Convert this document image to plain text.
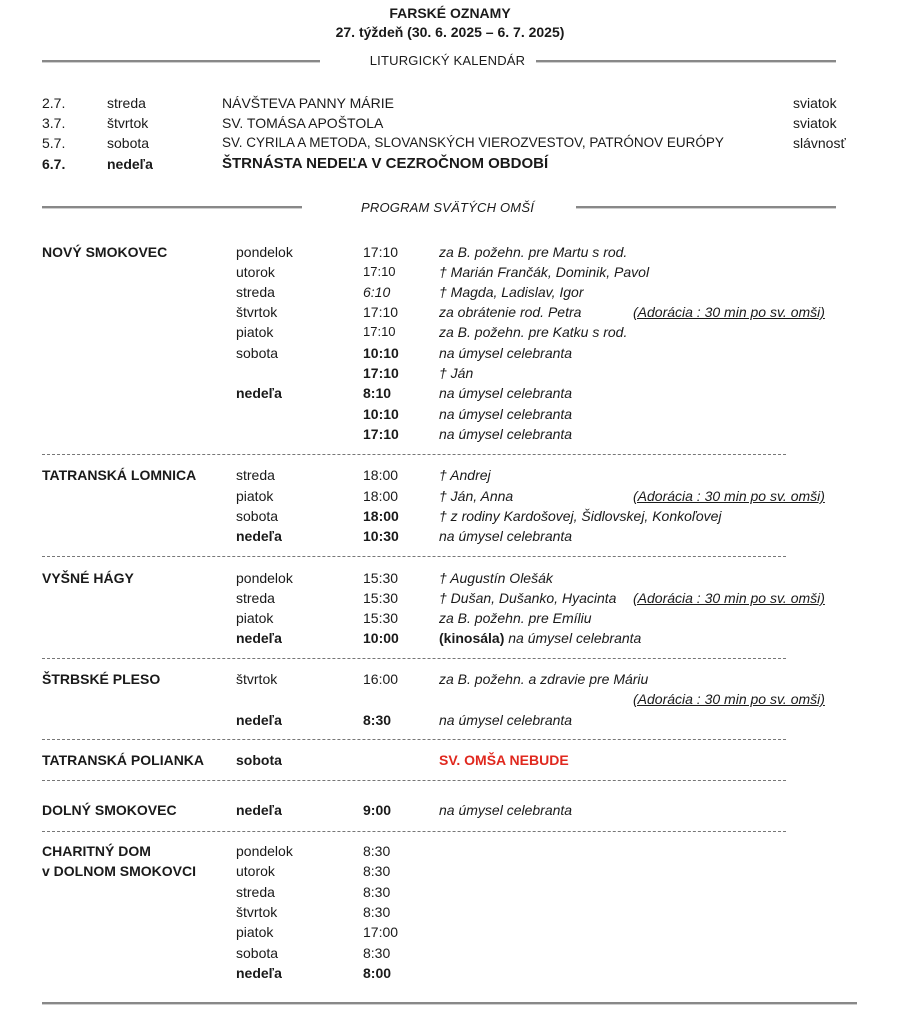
FARSKÉ OZNAMY
27. týždeň (30. 6. 2025 – 6. 7. 2025)
LITURGICKÝ KALENDÁR
2.7.	streda	NÁVŠTEVA PANNY MÁRIE	sviatok
3.7.	štvrtok	SV. TOMÁSA APOŠTOLA	sviatok
5.7.	sobota	SV. CYRILA A METODA, SLOVANSKÝCH VIEROZVESTOV, PATRÓNOV EURÓPY	slávnosť
6.7.	nedeľa	ŠTRNÁSTA NEDEĽA V CEZROČNOM OBDOBÍ
PROGRAM SVÄTÝCH OMŠÍ
NOVÝ SMOKOVEC	pondelok	17:10	za B. požehn. pre Martu s rod.
utorok	17:10	† Marián Frančák, Dominik, Pavol
streda	6:10	† Magda, Ladislav, Igor
štvrtok	17:10	za obrátenie rod. Petra	(Adorácia : 30 min po sv. omši)
piatok	17:10	za B. požehn. pre Katku s rod.
sobota	10:10	na úmysel celebranta
17:10	† Ján
nedeľa	8:10	na úmysel celebranta
10:10	na úmysel celebranta
17:10	na úmysel celebranta
TATRANSKÁ LOMNICA	streda	18:00	† Andrej
piatok	18:00	† Ján, Anna	(Adorácia : 30 min po sv. omši)
sobota	18:00	† z rodiny Kardošovej, Šidlovskej, Konkoľovej
nedeľa	10:30	na úmysel celebranta
VYŠNÉ HÁGY	pondelok	15:30	† Augustín Olešák
streda	15:30	† Dušan, Dušanko, Hyacinta (Adorácia : 30 min po sv. omši)
piatok	15:30	za B. požehn. pre Emíliu
nedeľa	10:00	(kinosála) na úmysel celebranta
ŠTRBSKÉ PLESO	štvrtok	16:00	za B. požehn. a zdravie pre Máriu
(Adorácia : 30 min po sv. omši)
nedeľa	8:30	na úmysel celebranta
TATRANSKÁ POLIANKA sobota	SV. OMŠA NEBUDE
DOLNÝ SMOKOVEC	nedeľa	9:00	na úmysel celebranta
CHARITNÝ DOM
v DOLNOM SMOKOVCI
pondelok	8:30
utorok	8:30
streda	8:30
štvrtok	8:30
piatok	17:00
sobota	8:30
nedeľa	8:00
